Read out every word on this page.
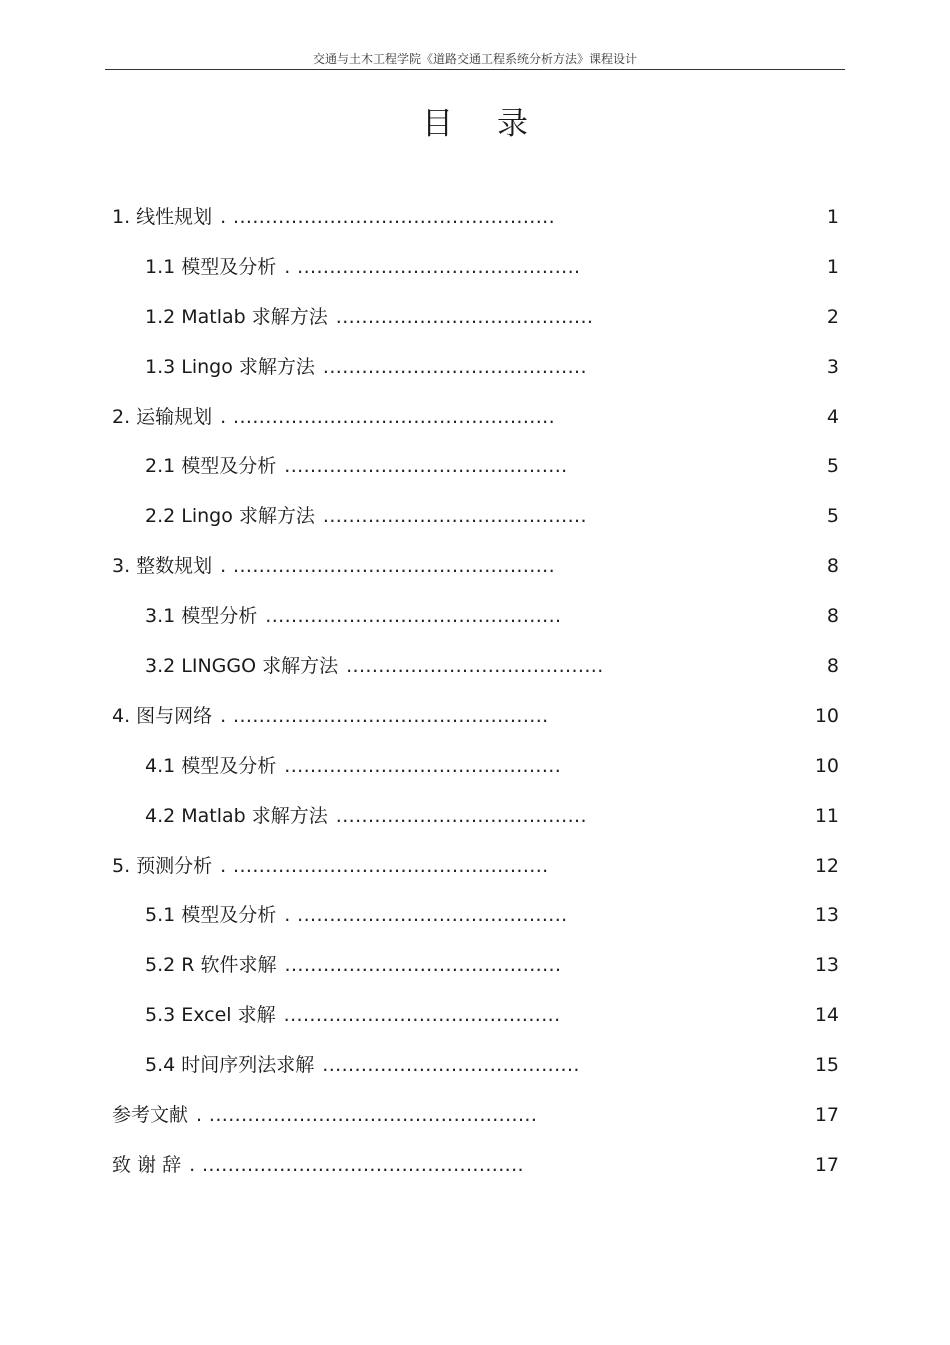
交通与土木工程学院《道路交通工程系统分析方法》课程设计
目录
1. 线性规划 . ..................................................	1
1.1 模型及分析 . ............................................	1
1.2 Matlab 求解方法 ........................................	2
1.3 Lingo 求解方法 .........................................	3
2. 运输规划 . ..................................................	4
2.1 模型及分析 ............................................	5
2.2 Lingo 求解方法 .........................................	5
3. 整数规划 . ..................................................	8
3.1 模型分析 ..............................................	8
3.2 LINGGO 求解方法 ........................................	8
4. 图与网络 . .................................................	10
4.1 模型及分析 ...........................................	10
4.2 Matlab 求解方法 .......................................	11
5. 预测分析 . .................................................	12
5.1 模型及分析 . ..........................................	13
5.2 R 软件求解 ...........................................	13
5.3 Excel 求解 ...........................................	14
5.4 时间序列法求解 ........................................	15
参考文献 . ...................................................	17
致 谢 辞 . ..................................................	17
